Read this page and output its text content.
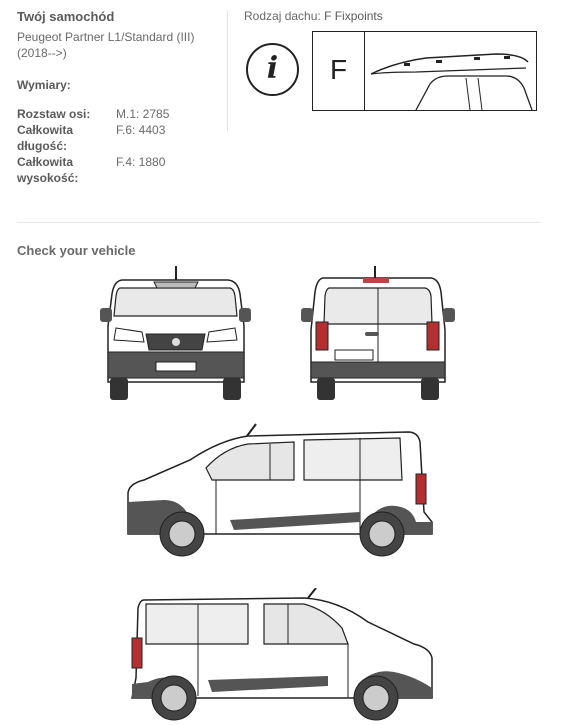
Twój samochód
Peugeot Partner L1/Standard (III) (2018-->)
Wymiary:
Rozstaw osi:	M.1: 2785
Całkowita długość:
F.6: 4403
Całkowita wysokość:
F.4: 1880
Rodzaj dachu: F Fixpoints
i	F
Check your vehicle
